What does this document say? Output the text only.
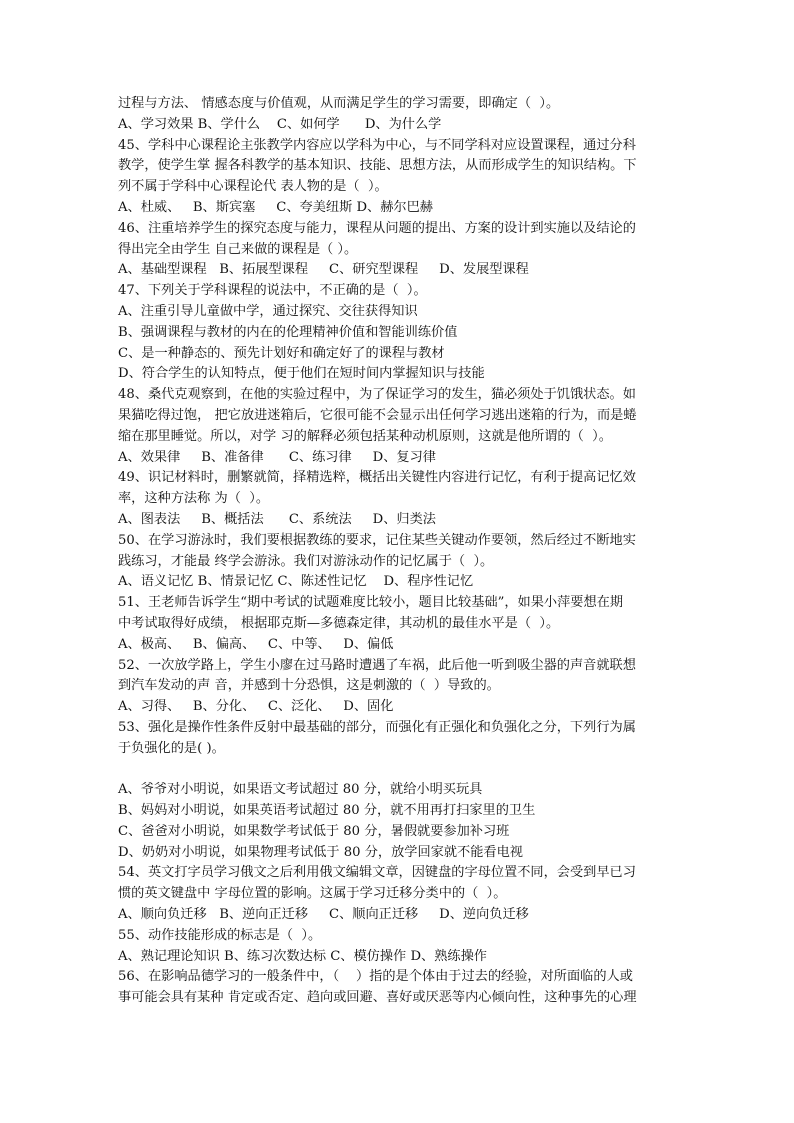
过程与方法、 情感态度与价值观，从而满足学生的学习需要，即确定（  ）。
A、学习效果 B、学什么    C、如何学      D、为什么学
45、学科中心课程论主张教学内容应以学科为中心，与不同学科对应设置课程，通过分科
教学，使学生掌 握各科教学的基本知识、技能、思想方法，从而形成学生的知识结构。下
列不属于学科中心课程论代 表人物的是（  ）。
A、杜威、   B、斯宾塞     C、夸美纽斯 D、赫尔巴赫
46、注重培养学生的探究态度与能力，课程从问题的提出、方案的设计到实施以及结论的
得出完全由学生 自己来做的课程是（ ）。
A、基础型课程   B、拓展型课程     C、研究型课程     D、发展型课程
47、下列关于学科课程的说法中，不正确的是（  ）。
A、注重引导儿童做中学，通过探究、交往获得知识
B、强调课程与教材的内在的伦理精神价值和智能训练价值
C、是一种静态的、预先计划好和确定好了的课程与教材
D、符合学生的认知特点，便于他们在短时间内掌握知识与技能
48、桑代克观察到，在他的实验过程中，为了保证学习的发生，猫必须处于饥饿状态。如
果猫吃得过饱， 把它放进迷箱后，它很可能不会显示出任何学习逃出迷箱的行为，而是蜷
缩在那里睡觉。所以，对学 习的解释必须包括某种动机原则，这就是他所谓的（  ）。
A、效果律     B、准备律      C、练习律     D、复习律
49、识记材料时，删繁就简，择精选粹，概括出关键性内容进行记忆，有利于提高记忆效
率，这种方法称 为（  ）。
A、图表法     B、概括法      C、系统法     D、归类法
50、在学习游泳时，我们要根据教练的要求，记住某些关键动作要领，然后经过不断地实
践练习，才能最 终学会游泳。我们对游泳动作的记忆属于（  ）。
A、语义记忆 B、情景记忆 C、陈述性记忆    D、程序性记忆
51、王老师告诉学生“期中考试的试题难度比较小，题目比较基础”，如果小萍要想在期
中考试取得好成绩， 根据耶克斯—多德森定律，其动机的最佳水平是（  ）。
A、极高、   B、偏高、   C、中等、   D、偏低
52、一次放学路上，学生小廖在过马路时遭遇了车祸，此后他一听到吸尘器的声音就联想
到汽车发动的声 音，并感到十分恐惧，这是刺激的（  ）导致的。
A、习得、   B、分化、   C、泛化、   D、固化
53、强化是操作性条件反射中最基础的部分，而强化有正强化和负强化之分，下列行为属
于负强化的是( )。
A、爷爷对小明说，如果语文考试超过 80 分，就给小明买玩具
B、妈妈对小明说，如果英语考试超过 80 分，就不用再打扫家里的卫生
C、爸爸对小明说，如果数学考试低于 80 分，暑假就要参加补习班
D、奶奶对小明说，如果物理考试低于 80 分，放学回家就不能看电视
54、英文打字员学习俄文之后利用俄文编辑文章，因键盘的字母位置不同，会受到早已习
惯的英文键盘中 字母位置的影响。这属于学习迁移分类中的（  ）。
A、顺向负迁移   B、逆向正迁移     C、顺向正迁移     D、逆向负迁移
55、动作技能形成的标志是（  ）。
A、熟记理论知识 B、练习次数达标 C、模仿操作 D、熟练操作
56、在影响品德学习的一般条件中，（    ）指的是个体由于过去的经验，对所面临的人或
事可能会具有某种 肯定或否定、趋向或回避、喜好或厌恶等内心倾向性，这种事先的心理
